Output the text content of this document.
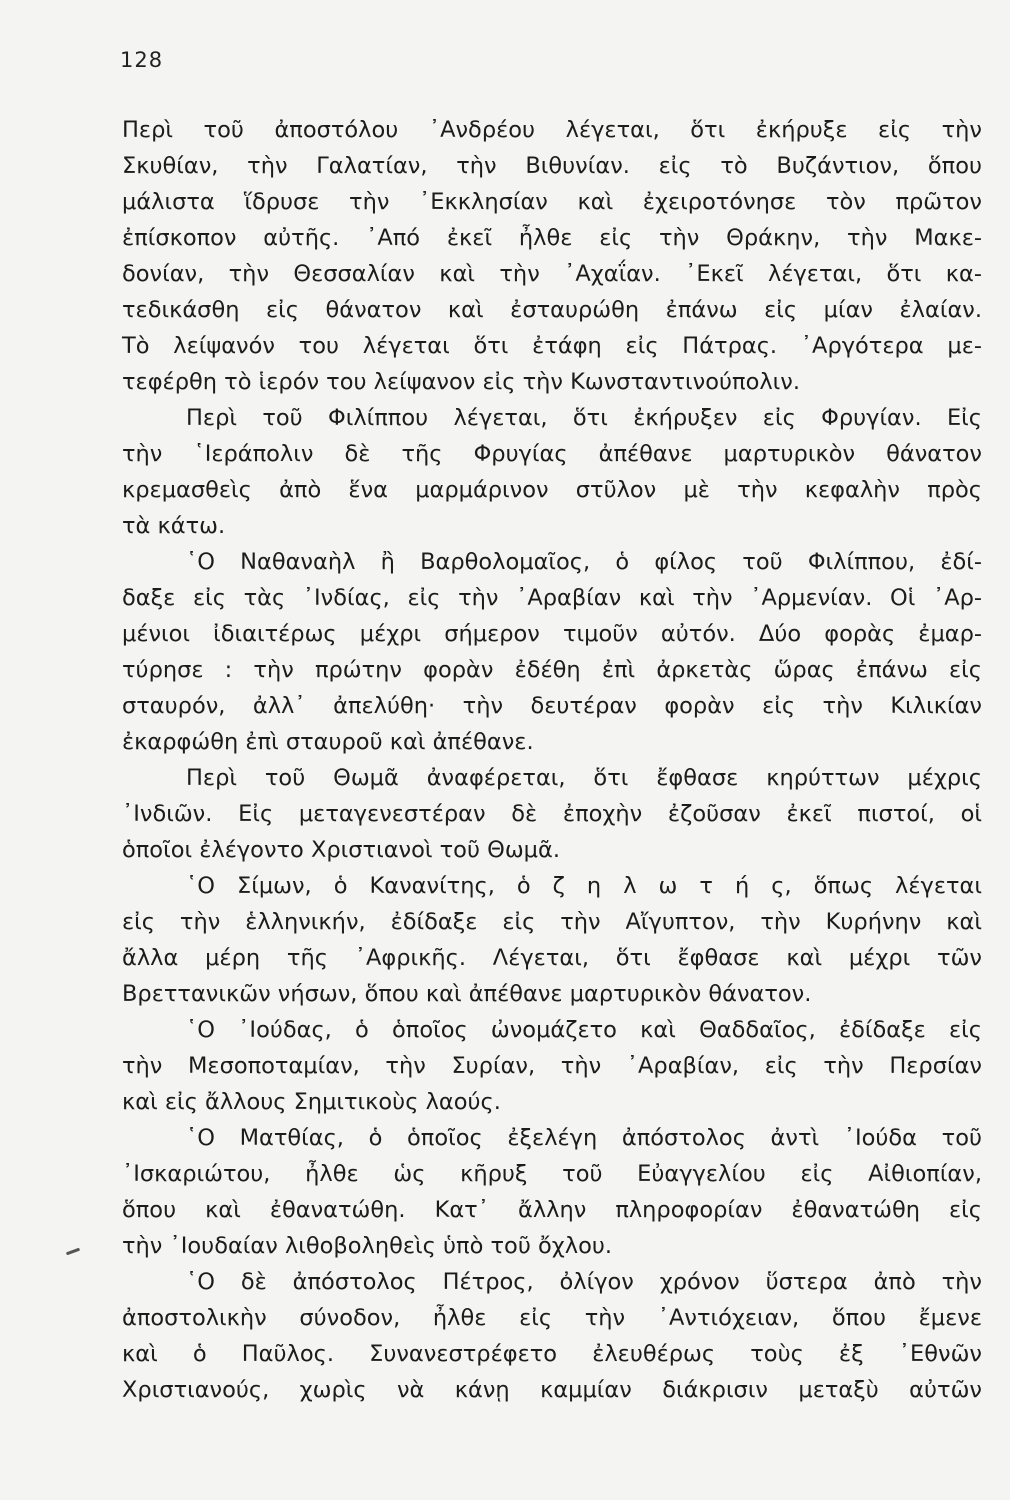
128
Περὶ τοῦ ἀποστόλου ᾿Ανδρέου λέγεται, ὅτι ἐκήρυξε εἰς τὴν
Σκυθίαν, τὴν Γαλατίαν, τὴν Βιθυνίαν. εἰς τὸ Βυζάντιον, ὅπου
μάλιστα ἵδρυσε τὴν ᾿Εκκλησίαν καὶ ἐχειροτόνησε τὸν πρῶτον
ἐπίσκοπον αὐτῆς. ᾿Από ἐκεῖ ἦλθε εἰς τὴν Θράκην, τὴν Μακε-
δονίαν, τὴν Θεσσαλίαν καὶ τὴν ᾿Αχαΐαν. ᾿Εκεῖ λέγεται, ὅτι κα-
τεδικάσθη εἰς θάνατον καὶ ἐσταυρώθη ἐπάνω εἰς μίαν ἐλαίαν.
Τὸ λείψανόν του λέγεται ὅτι ἐτάφη εἰς Πάτρας. ᾿Αργότερα με-
τεφέρθη τὸ ἱερόν του λείψανον εἰς τὴν Κωνσταντινούπολιν.
Περὶ τοῦ Φιλίππου λέγεται, ὅτι ἐκήρυξεν εἰς Φρυγίαν. Εἰς
τὴν ῾Ιεράπολιν δὲ τῆς Φρυγίας ἀπέθανε μαρτυρικὸν θάνατον
κρεμασθεὶς ἀπὸ ἕνα μαρμάρινον στῦλον μὲ τὴν κεφαλὴν πρὸς
τὰ κάτω.
῾Ο Ναθαναὴλ ἢ Βαρθολομαῖος, ὁ φίλος τοῦ Φιλίππου, ἐδί-
δαξε εἰς τὰς ᾿Ινδίας, εἰς τὴν ᾿Αραβίαν καὶ τὴν ᾿Αρμενίαν. Οἱ ᾿Αρ-
μένιοι ἰδιαιτέρως μέχρι σήμερον τιμοῦν αὐτόν. Δύο φορὰς ἐμαρ-
τύρησε : τὴν πρώτην φορὰν ἐδέθη ἐπὶ ἀρκετὰς ὥρας ἐπάνω εἰς
σταυρόν, ἀλλ᾿ ἀπελύθη· τὴν δευτέραν φορὰν εἰς τὴν Κιλικίαν
ἐκαρφώθη ἐπὶ σταυροῦ καὶ ἀπέθανε.
Περὶ τοῦ Θωμᾶ ἀναφέρεται, ὅτι ἔφθασε κηρύττων μέχρις
᾿Ινδιῶν. Εἰς μεταγενεστέραν δὲ ἐποχὴν ἐζοῦσαν ἐκεῖ πιστοί, οἱ
ὁποῖοι ἐλέγοντο Χριστιανοὶ τοῦ Θωμᾶ.
῾Ο Σίμων, ὁ Κανανίτης, ὁ ζ η λ ω τ ή ς, ὅπως λέγεται
εἰς τὴν ἑλληνικήν, ἐδίδαξε εἰς τὴν Αἴγυπτον, τὴν Κυρήνην καὶ
ἄλλα μέρη τῆς ᾿Αφρικῆς. Λέγεται, ὅτι ἔφθασε καὶ μέχρι τῶν
Βρεττανικῶν νήσων, ὅπου καὶ ἀπέθανε μαρτυρικὸν θάνατον.
῾Ο ᾿Ιούδας, ὁ ὁποῖος ὠνομάζετο καὶ Θαδδαῖος, ἐδίδαξε εἰς
τὴν Μεσοποταμίαν, τὴν Συρίαν, τὴν ᾿Αραβίαν, εἰς τὴν Περσίαν
καὶ εἰς ἄλλους Σημιτικοὺς λαούς.
῾Ο Ματθίας, ὁ ὁποῖος ἐξελέγη ἀπόστολος ἀντὶ ᾿Ιούδα τοῦ
᾿Ισκαριώτου, ἦλθε ὡς κῆρυξ τοῦ Εὐαγγελίου εἰς Αἰθιοπίαν,
ὅπου καὶ ἐθανατώθη. Κατ᾿ ἄλλην πληροφορίαν ἐθανατώθη εἰς
τὴν ᾿Ιουδαίαν λιθοβοληθεὶς ὑπὸ τοῦ ὄχλου.
῾Ο δὲ ἀπόστολος Πέτρος, ὀλίγον χρόνον ὕστερα ἀπὸ τὴν
ἀποστολικὴν σύνοδον, ἦλθε εἰς τὴν ᾿Αντιόχειαν, ὅπου ἔμενε
καὶ ὁ Παῦλος. Συνανεστρέφετο ἐλευθέρως τοὺς ἐξ ᾿Εθνῶν
Χριστιανούς, χωρὶς νὰ κάνῃ καμμίαν διάκρισιν μεταξὺ αὐτῶν
